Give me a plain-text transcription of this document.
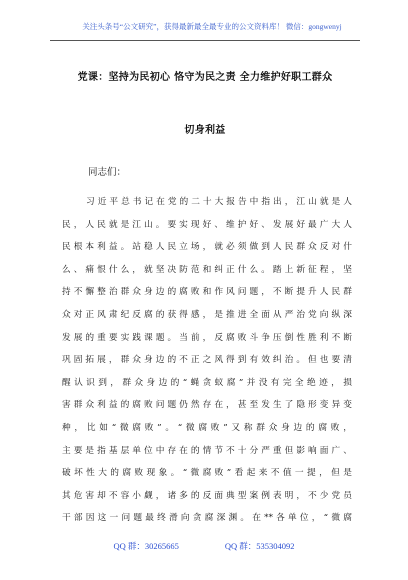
关注头条号“公文研究”，获得最新最全最专业的公文资料库！ 微信：gongwenyj
党课：坚持为民初心 恪守为民之责 全力维护好职工群众
切身利益
同志们：
习近平总书记在党的二十大报告中指出，江山就是人
民，人民就是江山。要实现好、维护好、发展好最广大人
民根本利益。站稳人民立场，就必须做到人民群众反对什
么、痛恨什么，就坚决防范和纠正什么。踏上新征程，坚
持不懈整治群众身边的腐败和作风问题，不断提升人民群
众对正风肃纪反腐的获得感，是推进全面从严治党向纵深
发展的重要实践课题。当前，反腐败斗争压倒性胜利不断
巩固拓展，群众身边的不正之风得到有效纠治。但也要清
醒认识到，群众身边的“蝇贪蚁腐”并没有完全绝迹，损
害群众利益的腐败问题仍然存在，甚至发生了隐形变异变
种，比如“微腐败”。“微腐败”又称群众身边的腐败，
主要是指基层单位中存在的情节不十分严重但影响面广、
破坏性大的腐败现象。“微腐败”看起来不值一提，但是
其危害却不容小觑，诸多的反面典型案例表明，不少党员
干部因这一问题最终滑向贪腐深渊。在**各单位，“微腐
QQ 群：30265665	QQ 群：535304092
